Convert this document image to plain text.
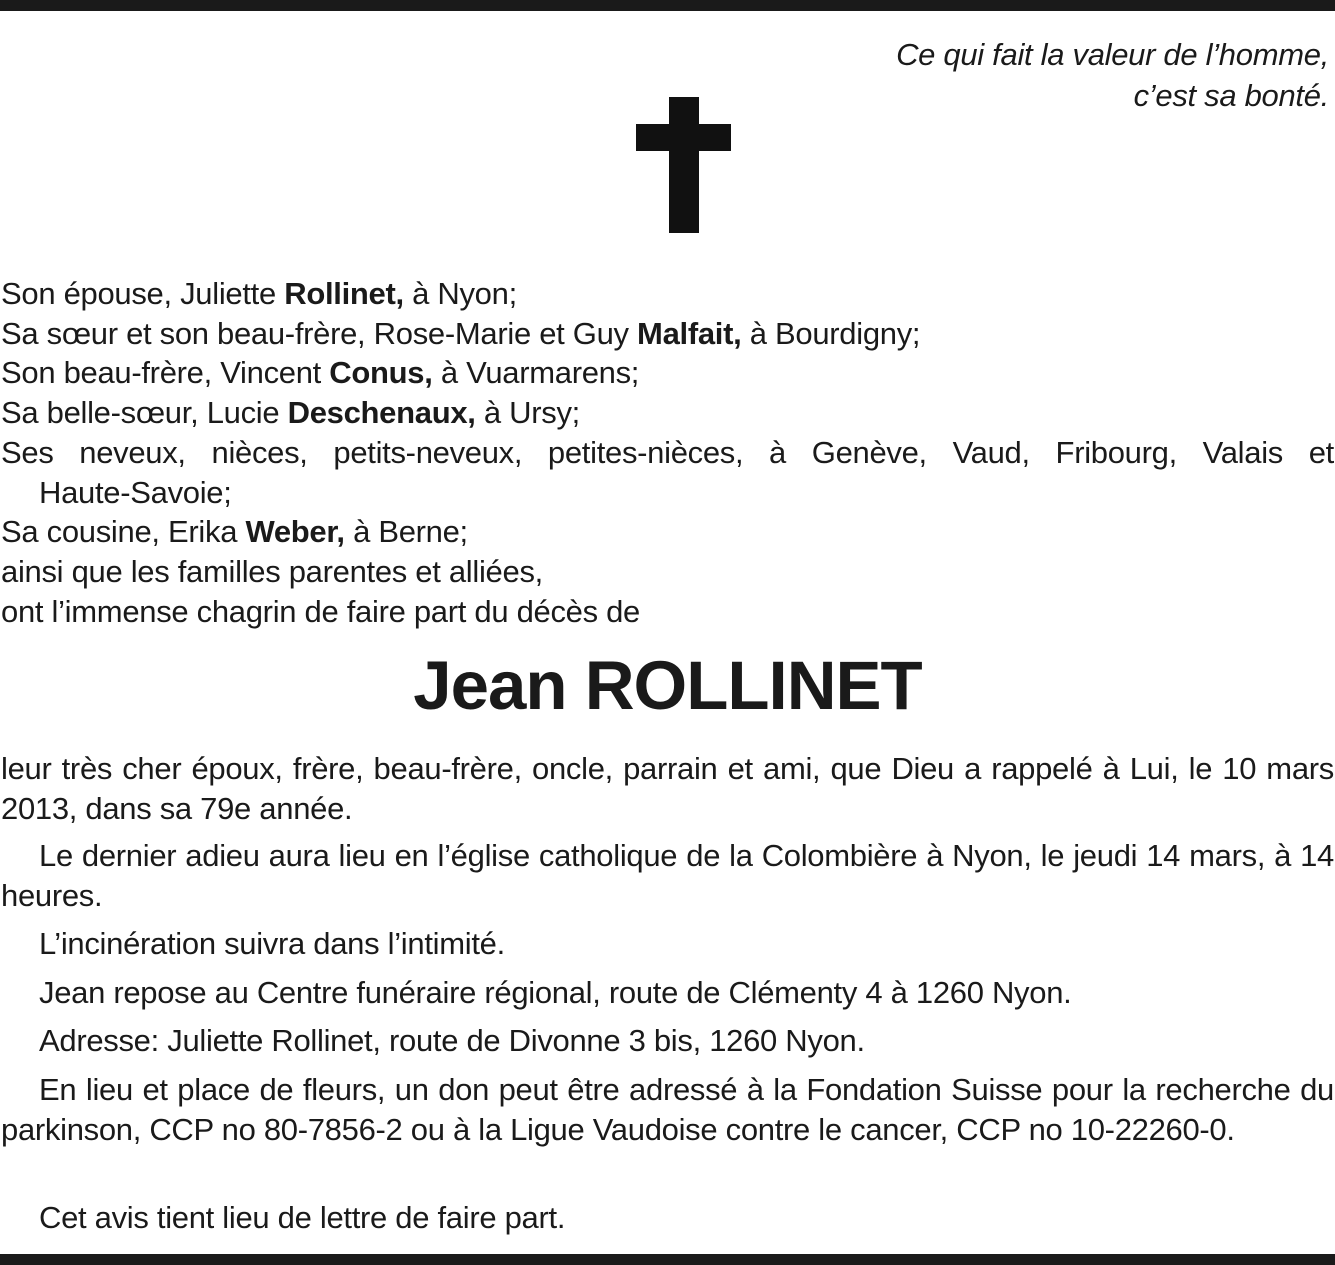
Ce qui fait la valeur de l’homme,
c’est sa bonté.
Son épouse, Juliette Rollinet, à Nyon;
Sa sœur et son beau-frère, Rose-Marie et Guy Malfait, à Bourdigny;
Son beau-frère, Vincent Conus, à Vuarmarens;
Sa belle-sœur, Lucie Deschenaux, à Ursy;
Ses neveux, nièces, petits-neveux, petites-nièces, à Genève, Vaud, Fribourg, Valais et
Haute-Savoie;
Sa cousine, Erika Weber, à Berne;
ainsi que les familles parentes et alliées,
ont l’immense chagrin de faire part du décès de
Jean ROLLINET
leur très cher époux, frère, beau-frère, oncle, parrain et ami, que Dieu a rappelé à Lui, le 10 mars 2013, dans sa 79e année.
Le dernier adieu aura lieu en l’église catholique de la Colombière à Nyon, le jeudi 14 mars, à 14 heures.
L’incinération suivra dans l’intimité.
Jean repose au Centre funéraire régional, route de Clémenty 4 à 1260 Nyon.
Adresse: Juliette Rollinet, route de Divonne 3 bis, 1260 Nyon.
En lieu et place de fleurs, un don peut être adressé à la Fondation Suisse pour la recherche du parkinson, CCP no 80-7856-2 ou à la Ligue Vaudoise contre le cancer, CCP no 10-22260-0.
Cet avis tient lieu de lettre de faire part.
